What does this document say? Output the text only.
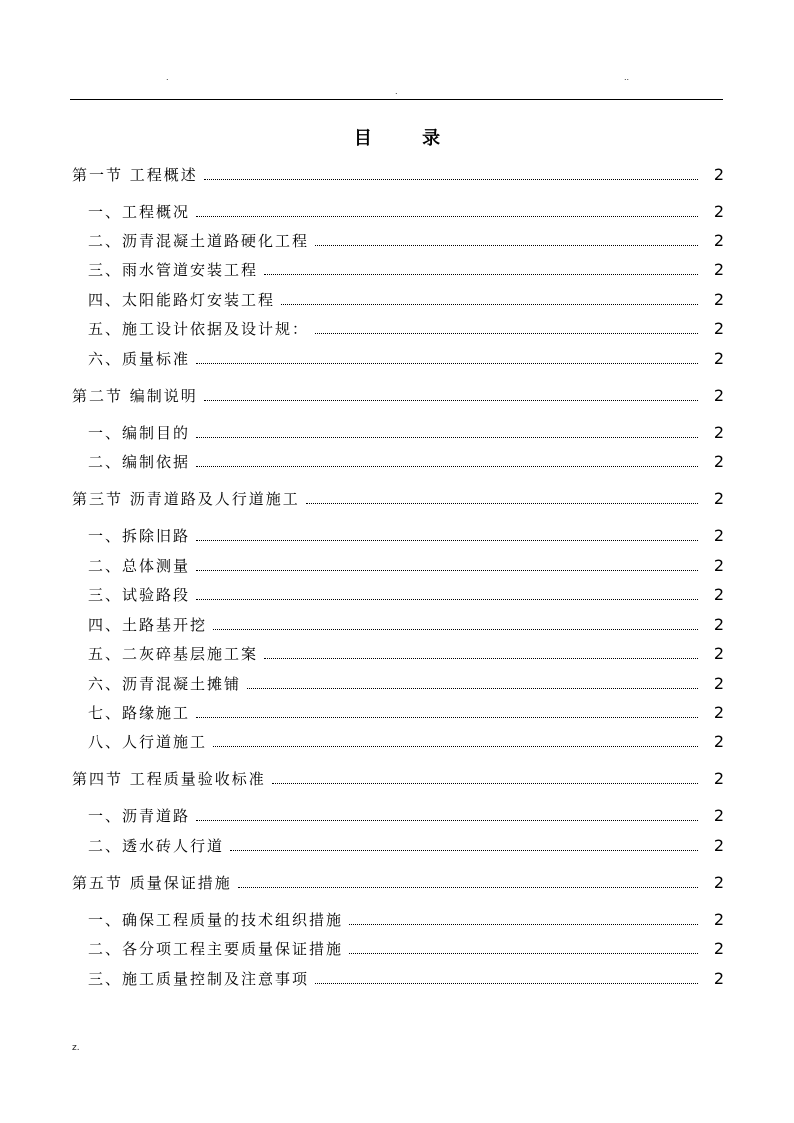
.
.
..
目 录
第一节 工程概述	2
一、工程概况	2
二、沥青混凝土道路硬化工程	2
三、雨水管道安装工程	2
四、太阳能路灯安装工程	2
五、施工设计依据及设计规：	2
六、质量标准	2
第二节 编制说明	2
一、编制目的	2
二、编制依据	2
第三节 沥青道路及人行道施工	2
一、拆除旧路	2
二、总体测量	2
三、试验路段	2
四、土路基开挖	2
五、二灰碎基层施工案	2
六、沥青混凝土摊铺	2
七、路缘施工	2
八、人行道施工	2
第四节 工程质量验收标准	2
一、沥青道路	2
二、透水砖人行道	2
第五节 质量保证措施	2
一、确保工程质量的技术组织措施	2
二、各分项工程主要质量保证措施	2
三、施工质量控制及注意事项	2
z.
